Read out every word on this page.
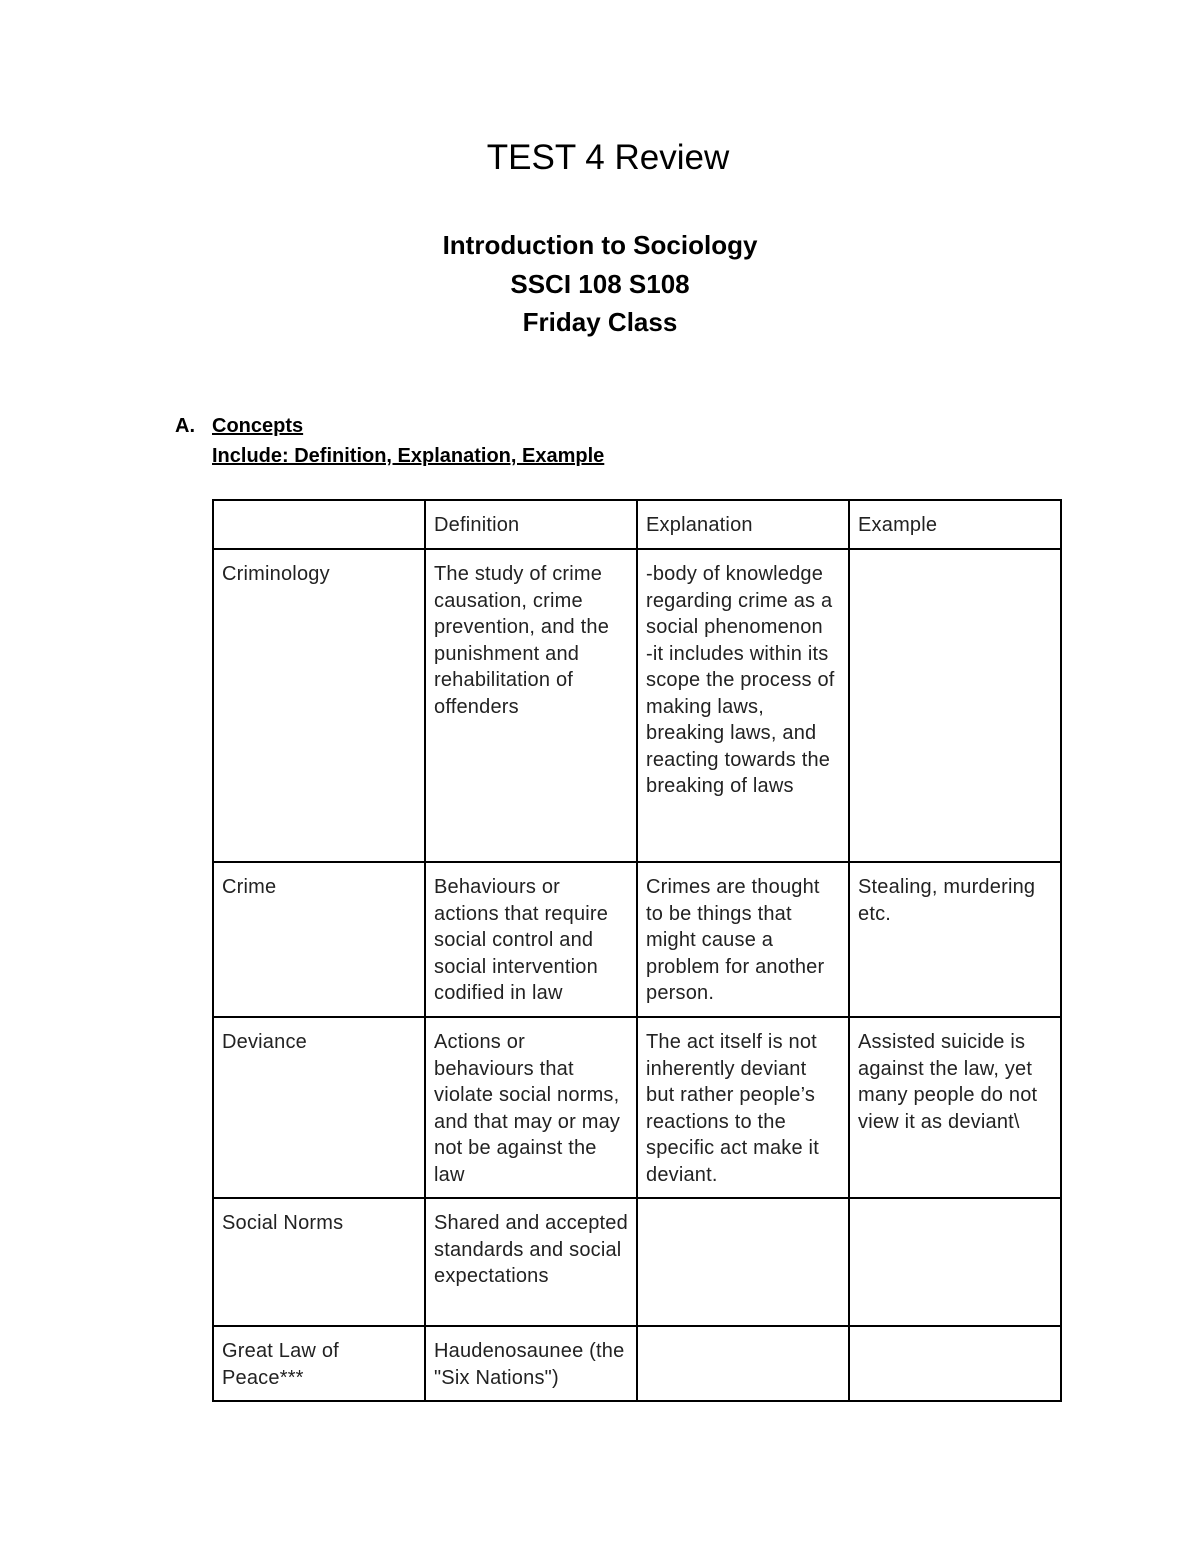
TEST 4 Review
Introduction to Sociology
SSCI 108 S108
Friday Class
A. Concepts
Include: Definition, Explanation, Example
	Definition	Explanation	Example
Criminology	The study of crime causation, crime prevention, and the punishment and rehabilitation of offenders	-body of knowledge regarding crime as a social phenomenon
-it includes within its scope the process of making laws, breaking laws, and reacting towards the breaking of laws	
Crime	Behaviours or actions that require social control and social intervention codified in law	Crimes are thought to be things that might cause a problem for another person.	Stealing, murdering etc.
Deviance	Actions or behaviours that violate social norms, and that may or may not be against the law	The act itself is not inherently deviant but rather people’s reactions to the specific act make it deviant.	Assisted suicide is against the law, yet many people do not view it as deviant\
Social Norms	Shared and accepted standards and social expectations		
Great Law of Peace***	Haudenosaunee (the "Six Nations")		
